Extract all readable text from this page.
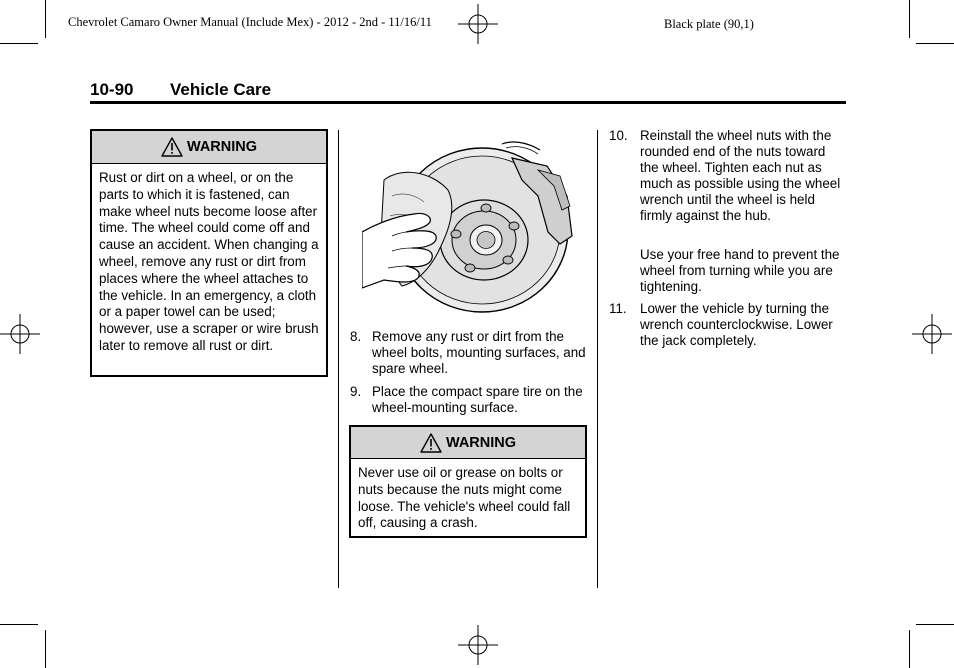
Chevrolet Camaro Owner Manual (Include Mex) - 2012 - 2nd - 11/16/11	Black plate (90,1)
10-90 Vehicle Care
WARNING
Rust or dirt on a wheel, or on the parts to which it is fastened, can make wheel nuts become loose after time. The wheel could come off and cause an accident. When changing a wheel, remove any rust or dirt from places where the wheel attaches to the vehicle. In an emergency, a cloth or a paper towel can be used; however, use a scraper or wire brush later to remove all rust or dirt.
8. Remove any rust or dirt from the wheel bolts, mounting surfaces, and spare wheel.
9. Place the compact spare tire on the wheel-mounting surface.
WARNING
Never use oil or grease on bolts or nuts because the nuts might come loose. The vehicle's wheel could fall off, causing a crash.
10. Reinstall the wheel nuts with the rounded end of the nuts toward the wheel. Tighten each nut as much as possible using the wheel wrench until the wheel is held firmly against the hub.
Use your free hand to prevent the wheel from turning while you are tightening.
11. Lower the vehicle by turning the wrench counterclockwise. Lower the jack completely.
